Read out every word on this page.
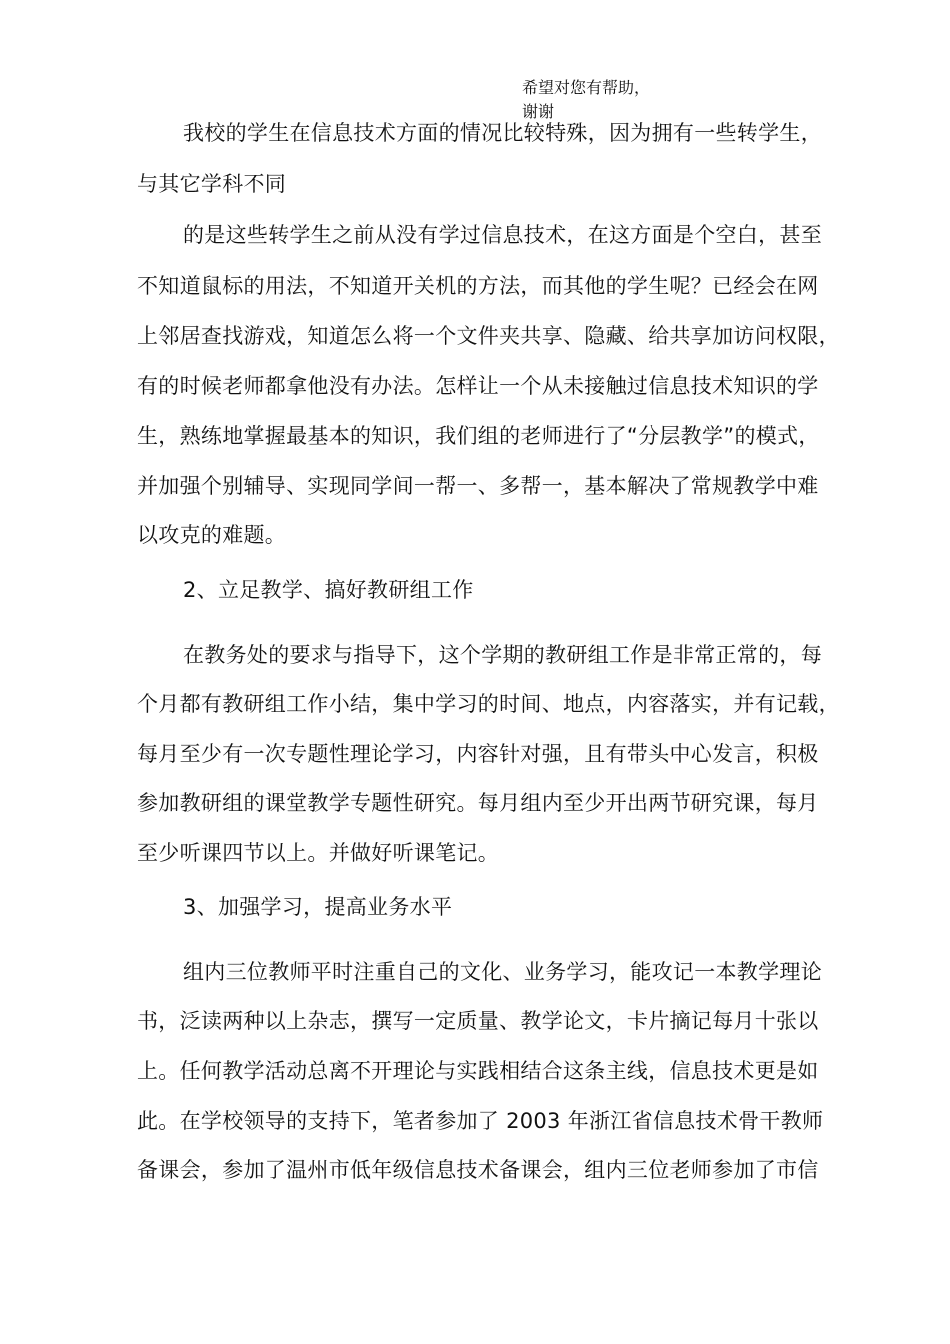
希望对您有帮助，
谢谢
我校的学生在信息技术方面的情况比较特殊，因为拥有一些转学生，
与其它学科不同
的是这些转学生之前从没有学过信息技术，在这方面是个空白，甚至
不知道鼠标的用法，不知道开关机的方法，而其他的学生呢？已经会在网
上邻居查找游戏，知道怎么将一个文件夹共享、隐藏、给共享加访问权限，
有的时候老师都拿他没有办法。怎样让一个从未接触过信息技术知识的学
生，熟练地掌握最基本的知识，我们组的老师进行了“分层教学”的模式，
并加强个别辅导、实现同学间一帮一、多帮一，基本解决了常规教学中难
以攻克的难题。
2、立足教学、搞好教研组工作
在教务处的要求与指导下，这个学期的教研组工作是非常正常的，每
个月都有教研组工作小结，集中学习的时间、地点，内容落实，并有记载，
每月至少有一次专题性理论学习，内容针对强，且有带头中心发言，积极
参加教研组的课堂教学专题性研究。每月组内至少开出两节研究课，每月
至少听课四节以上。并做好听课笔记。
3、加强学习，提高业务水平
组内三位教师平时注重自己的文化、业务学习，能攻记一本教学理论
书，泛读两种以上杂志，撰写一定质量、教学论文，卡片摘记每月十张以
上。任何教学活动总离不开理论与实践相结合这条主线，信息技术更是如
此。在学校领导的支持下，笔者参加了 2003 年浙江省信息技术骨干教师
备课会，参加了温州市低年级信息技术备课会，组内三位老师参加了市信
